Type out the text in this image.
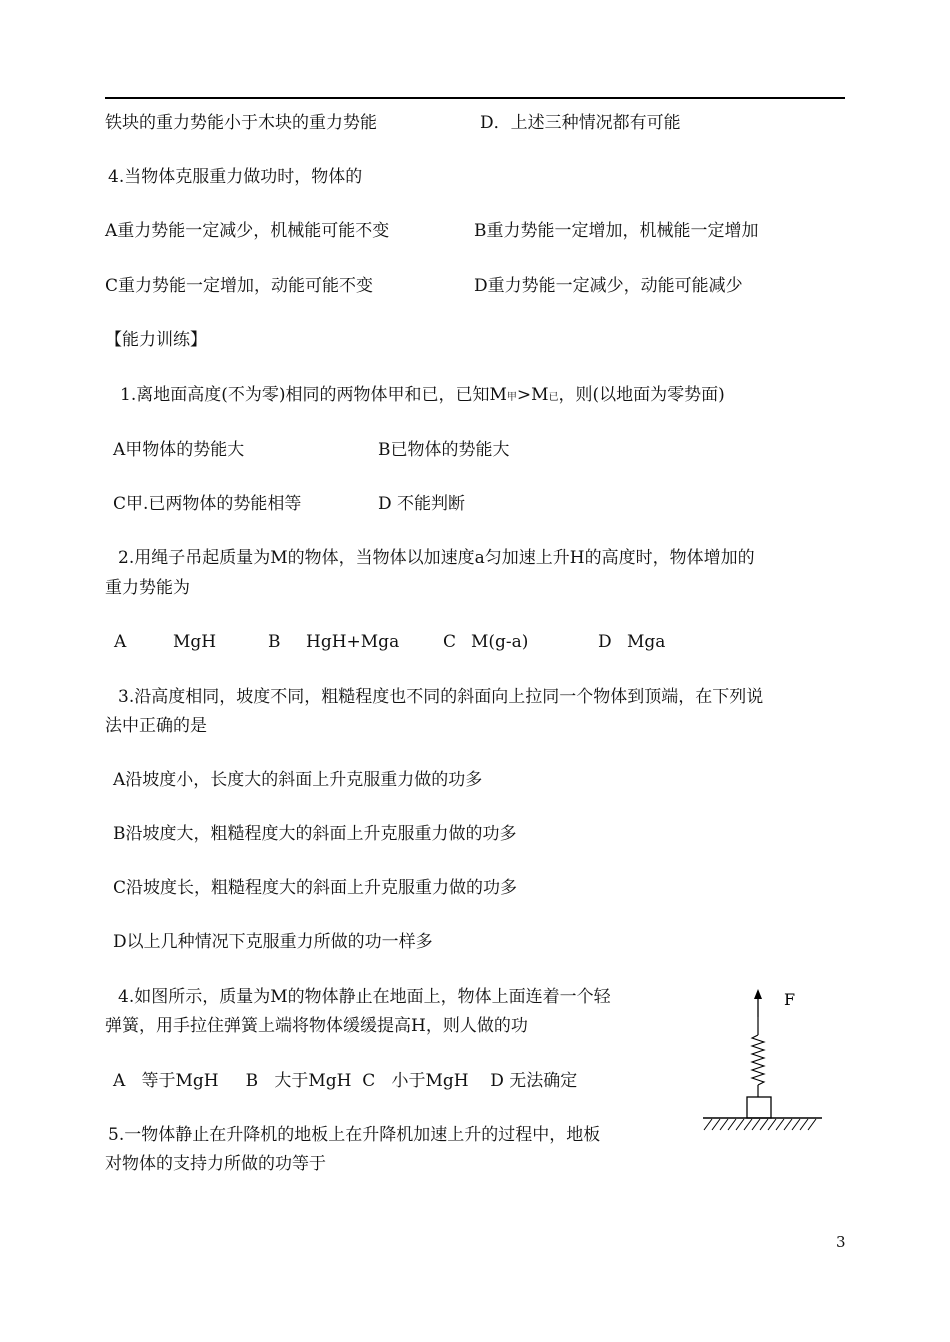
铁块的重力势能小于木块的重力势能	D．上述三种情况都有可能
4.当物体克服重力做功时，物体的
A重力势能一定减少，机械能可能不变	B重力势能一定增加，机械能一定增加
C重力势能一定增加，动能可能不变	D重力势能一定减少，动能可能减少
【能力训练】
1.离地面高度(不为零)相同的两物体甲和已，已知M甲>M已，则(以地面为零势面)
A甲物体的势能大	B已物体的势能大
C甲.已两物体的势能相等	D 不能判断
2.用绳子吊起质量为M的物体，当物体以加速度a匀加速上升H的高度时，物体增加的
重力势能为
A	MgH	B HgH+Mga	C M(g-a)	D Mga
3.沿高度相同，坡度不同，粗糙程度也不同的斜面向上拉同一个物体到顶端，在下列说
法中正确的是
A沿坡度小，长度大的斜面上升克服重力做的功多
B沿坡度大，粗糙程度大的斜面上升克服重力做的功多
C沿坡度长，粗糙程度大的斜面上升克服重力做的功多
D以上几种情况下克服重力所做的功一样多
4.如图所示，质量为M的物体静止在地面上，物体上面连着一个轻
弹簧，用手拉住弹簧上端将物体缓缓提高H，则人做的功
A   等于MgH     B   大于MgH  C   小于MgH    D 无法确定
5.一物体静止在升降机的地板上在升降机加速上升的过程中，地板
对物体的支持力所做的功等于
F
3
